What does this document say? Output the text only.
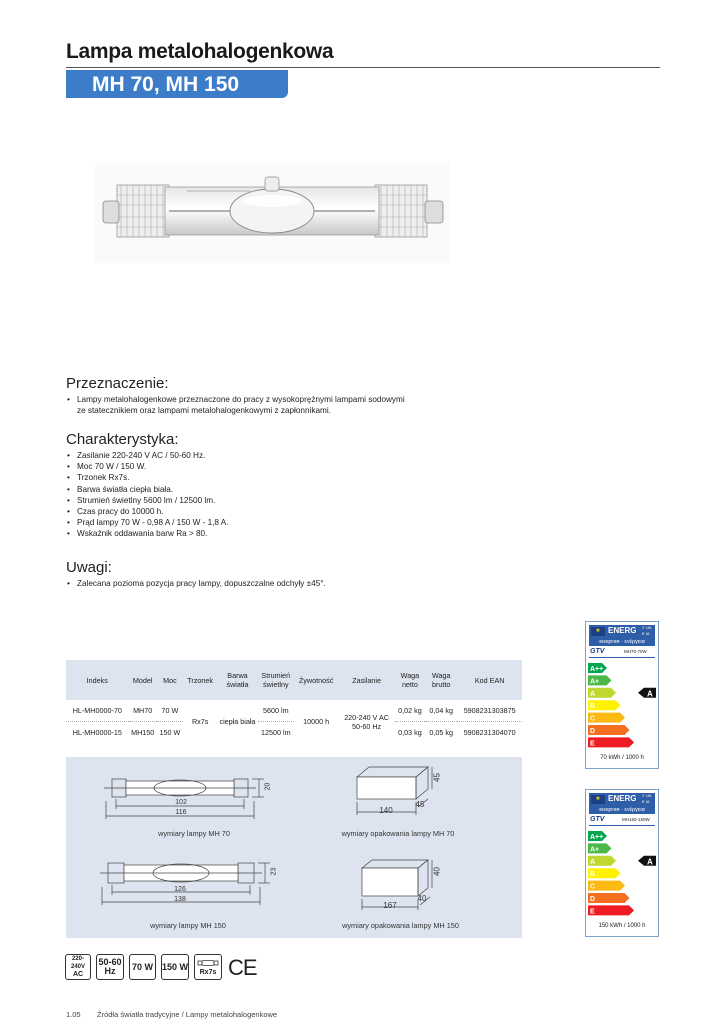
Lampa metalohalogenkowa
MH 70, MH 150
Przeznaczenie:
• Lampy metalohalogenkowe przeznaczone do pracy z wysokoprężnymi lampami sodowymi
ze statecznikiem oraz lampami metalohalogenkowymi z zapłonnikami.
Charakterystyka:
• Zasilanie 220-240 V AC / 50-60 Hz.
• Moc 70 W / 150 W.
• Trzonek Rx7s.
• Barwa światła ciepła biała.
• Strumień świetlny 5600 lm / 12500 lm.
• Czas pracy do 10000 h.
• Prąd lampy 70 W - 0,98 A / 150 W - 1,8 A.
• Wskaźnik oddawania barw Ra > 80.
Uwagi:
• Zalecana pozioma pozycja pracy lampy, dopuszczalne odchyły ±45°.
Indeks	Model	Moc	Trzonek	Barwa światła	Strumień świetlny	Żywotność	Zasilanie	Waga netto	Waga brutto	Kod EAN
HL-MH0000-70	MH70	70 W	Rx7s	ciepła biała	5600 lm	10000 h	220-240 V AC 50-60 Hz	0,02 kg	0,04 kg	5908231303875
HL-MH0000-15	MH150	150 W			12500 lm			0,03 kg	0,05 kg	5908231304070
102
116
20
wymiary lampy MH 70
140
45
45
wymiary opakowania lampy MH 70
126
138
23
wymiary lampy MH 150
167
40
40
wymiary opakowania lampy MH 150
★ ENERG Y IJA
E IA
енергия · ενέργεια
GTV	MH70-70W
A++
A+
A
B
C
D
E
A
70 kWh / 1000 h
★ ENERG Y IJA
E IA
енергия · ενέργεια
GTV	MH150-150W
A++
A+
A
B
C
D
E
A
150 kWh / 1000 h
220-240V
AC
50-60
Hz	70 W	150 W
Rx7s CE
1.05 Źródła światła tradycyjne / Lampy metalohalogenkowe
